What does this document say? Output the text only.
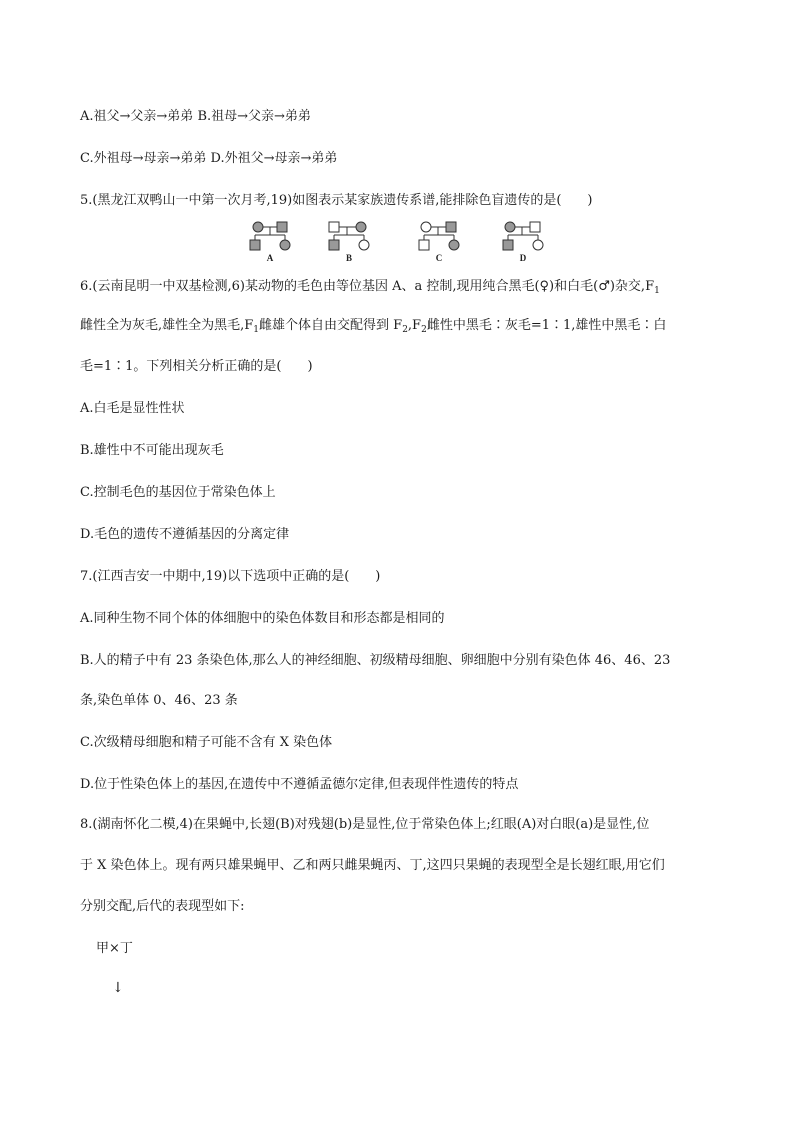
A.祖父→父亲→弟弟 B.祖母→父亲→弟弟

C.外祖母→母亲→弟弟 D.外祖父→母亲→弟弟

5.(黑龙江双鸭山一中第一次月考,19)如图表示某家族遗传系谱,能排除色盲遗传的是(　　)

A	B	C	D

6.(云南昆明一中双基检测,6)某动物的毛色由等位基因 A、a 控制,现用纯合黑毛(♀)和白毛(♂)杂交$,F_1$

雌性全为灰毛,雄性全为黑毛$,F_1$雌雄个体自由交配得到 $F_2,F_2$雌性中黑毛∶灰毛=1∶1,雄性中黑毛∶白

毛=1∶1。下列相关分析正确的是(　　)

A.白毛是显性性状

B.雄性中不可能出现灰毛

C.控制毛色的基因位于常染色体上

D.毛色的遗传不遵循基因的分离定律

7.(江西吉安一中期中,19)以下选项中正确的是(　　)

A.同种生物不同个体的体细胞中的染色体数目和形态都是相同的

B.人的精子中有 23 条染色体,那么人的神经细胞、初级精母细胞、卵细胞中分别有染色体 46、46、23

条,染色单体 0、46、23 条

C.次级精母细胞和精子可能不含有 X 染色体

D.位于性染色体上的基因,在遗传中不遵循孟德尔定律,但表现伴性遗传的特点

8.(湖南怀化二模,4)在果蝇中,长翅(B)对残翅(b)是显性,位于常染色体上;红眼(A)对白眼(a)是显性,位

于 X 染色体上。现有两只雄果蝇甲、乙和两只雌果蝇丙、丁,这四只果蝇的表现型全是长翅红眼,用它们

分别交配,后代的表现型如下:

甲×丁

↓
